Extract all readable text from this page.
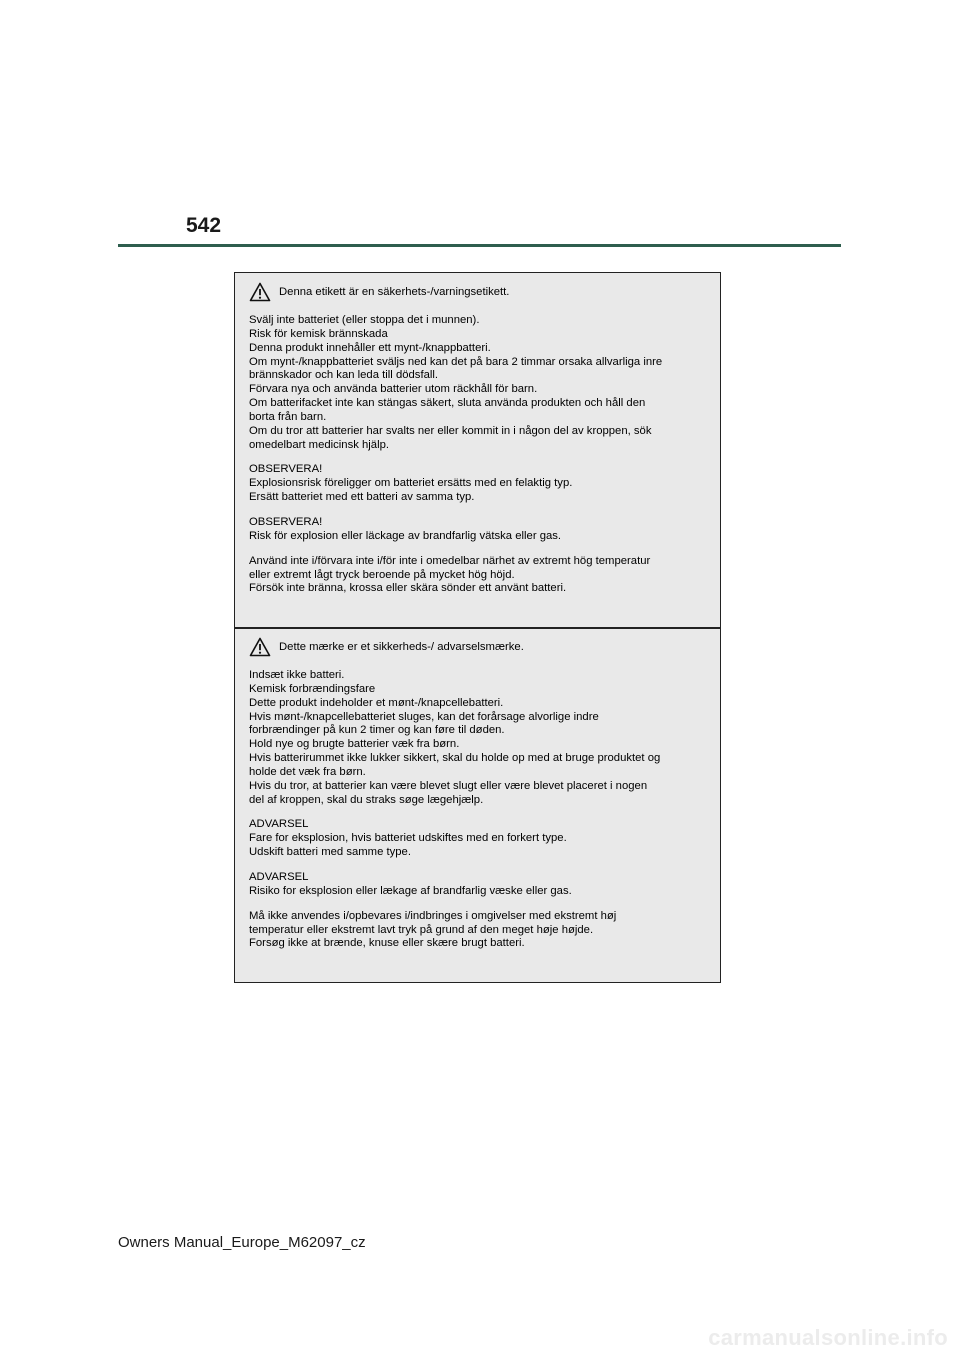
542
Denna etikett är en säkerhets-/varningsetikett.
Svälj inte batteriet (eller stoppa det i munnen).
Risk för kemisk brännskada
Denna produkt innehåller ett mynt-/knappbatteri.
Om mynt-/knappbatteriet sväljs ned kan det på bara 2 timmar orsaka allvarliga inre
brännskador och kan leda till dödsfall.
Förvara nya och använda batterier utom räckhåll för barn.
Om batterifacket inte kan stängas säkert, sluta använda produkten och håll den
borta från barn.
Om du tror att batterier har svalts ner eller kommit in i någon del av kroppen, sök
omedelbart medicinsk hjälp.
OBSERVERA!
Explosionsrisk föreligger om batteriet ersätts med en felaktig typ.
Ersätt batteriet med ett batteri av samma typ.
OBSERVERA!
Risk för explosion eller läckage av brandfarlig vätska eller gas.
Använd inte i/förvara inte i/för inte i omedelbar närhet av extremt hög temperatur
eller extremt lågt tryck beroende på mycket hög höjd.
Försök inte bränna, krossa eller skära sönder ett använt batteri.
Dette mærke er et sikkerheds-/ advarselsmærke.
Indsæt ikke batteri.
Kemisk forbrændingsfare
Dette produkt indeholder et mønt-/knapcellebatteri.
Hvis mønt-/knapcellebatteriet sluges, kan det forårsage alvorlige indre
forbrændinger på kun 2 timer og kan føre til døden.
Hold nye og brugte batterier væk fra børn.
Hvis batterirummet ikke lukker sikkert, skal du holde op med at bruge produktet og
holde det væk fra børn.
Hvis du tror, at batterier kan være blevet slugt eller være blevet placeret i nogen
del af kroppen, skal du straks søge lægehjælp.
ADVARSEL
Fare for eksplosion, hvis batteriet udskiftes med en forkert type.
Udskift batteri med samme type.
ADVARSEL
Risiko for eksplosion eller lækage af brandfarlig væske eller gas.
Må ikke anvendes i/opbevares i/indbringes i omgivelser med ekstremt høj
temperatur eller ekstremt lavt tryk på grund af den meget høje højde.
Forsøg ikke at brænde, knuse eller skære brugt batteri.
Owners Manual_Europe_M62097_cz
carmanualsonline.info
